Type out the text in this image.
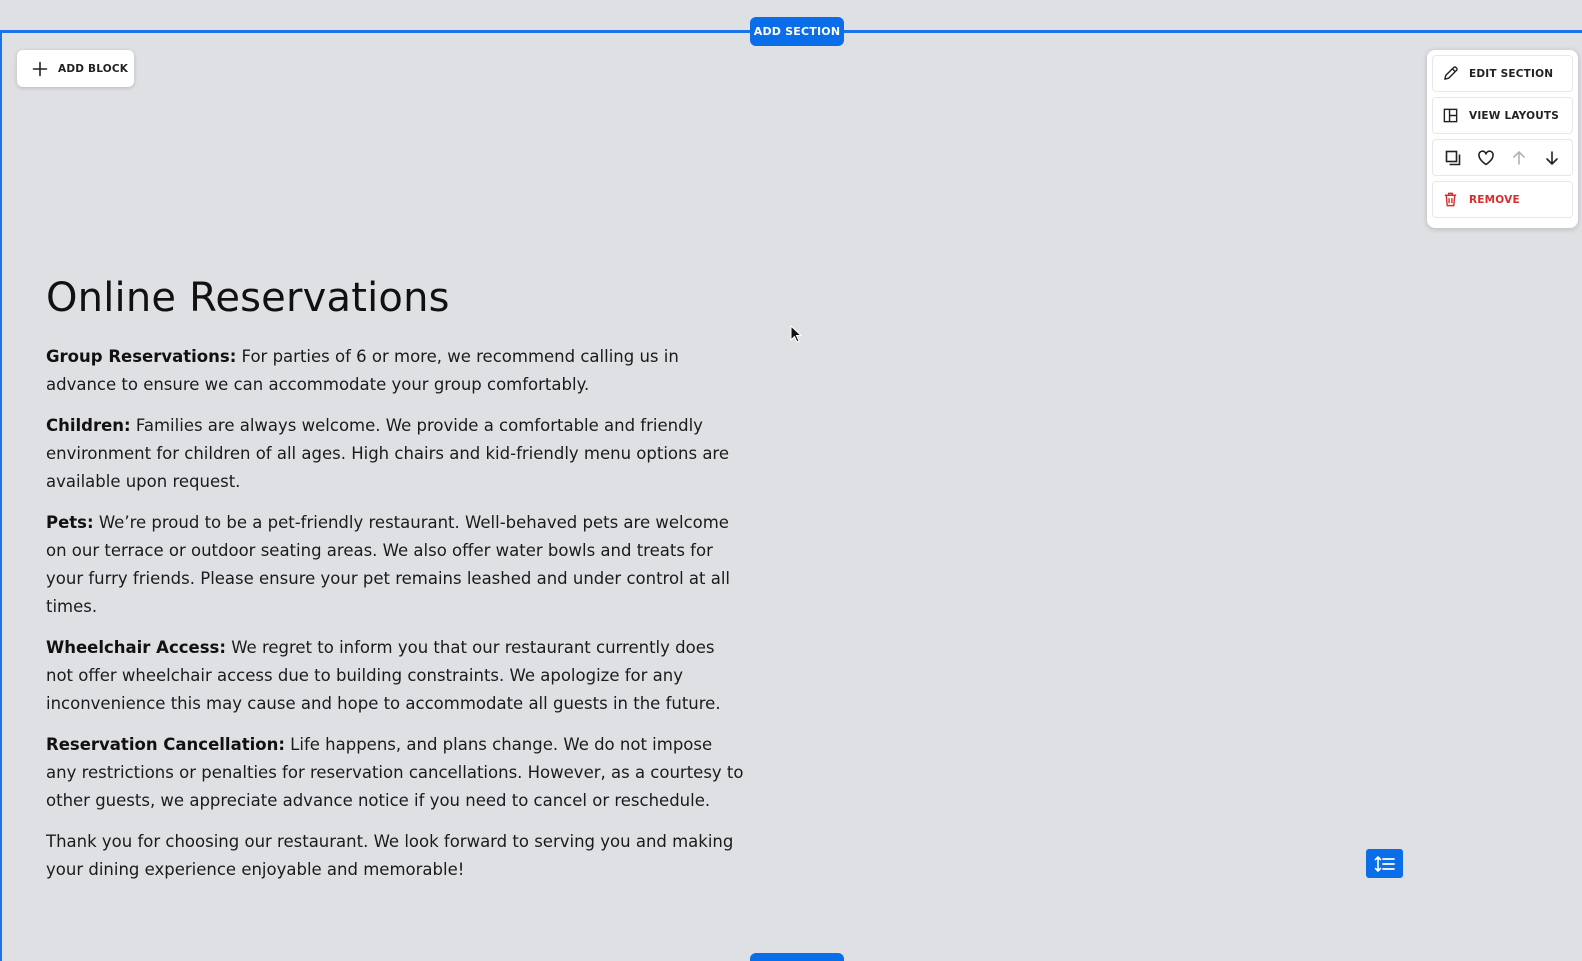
ADD SECTION
ADD BLOCK	EDIT SECTION
VIEW LAYOUTS
REMOVE
Online Reservations

Group Reservations: For parties of 6 or more, we recommend calling us in advance to ensure we can accommodate your group comfortably.

Children: Families are always welcome. We provide a comfortable and friendly environment for children of all ages. High chairs and kid-friendly menu options are available upon request.

Pets: We’re proud to be a pet-friendly restaurant. Well-behaved pets are welcome on our terrace or outdoor seating areas. We also offer water bowls and treats for your furry friends. Please ensure your pet remains leashed and under control at all times.

Wheelchair Access: We regret to inform you that our restaurant currently does not offer wheelchair access due to building constraints. We apologize for any inconvenience this may cause and hope to accommodate all guests in the future.

Reservation Cancellation: Life happens, and plans change. We do not impose any restrictions or penalties for reservation cancellations. However, as a courtesy to other guests, we appreciate advance notice if you need to cancel or reschedule.

Thank you for choosing our restaurant. We look forward to serving you and making your dining experience enjoyable and memorable!
